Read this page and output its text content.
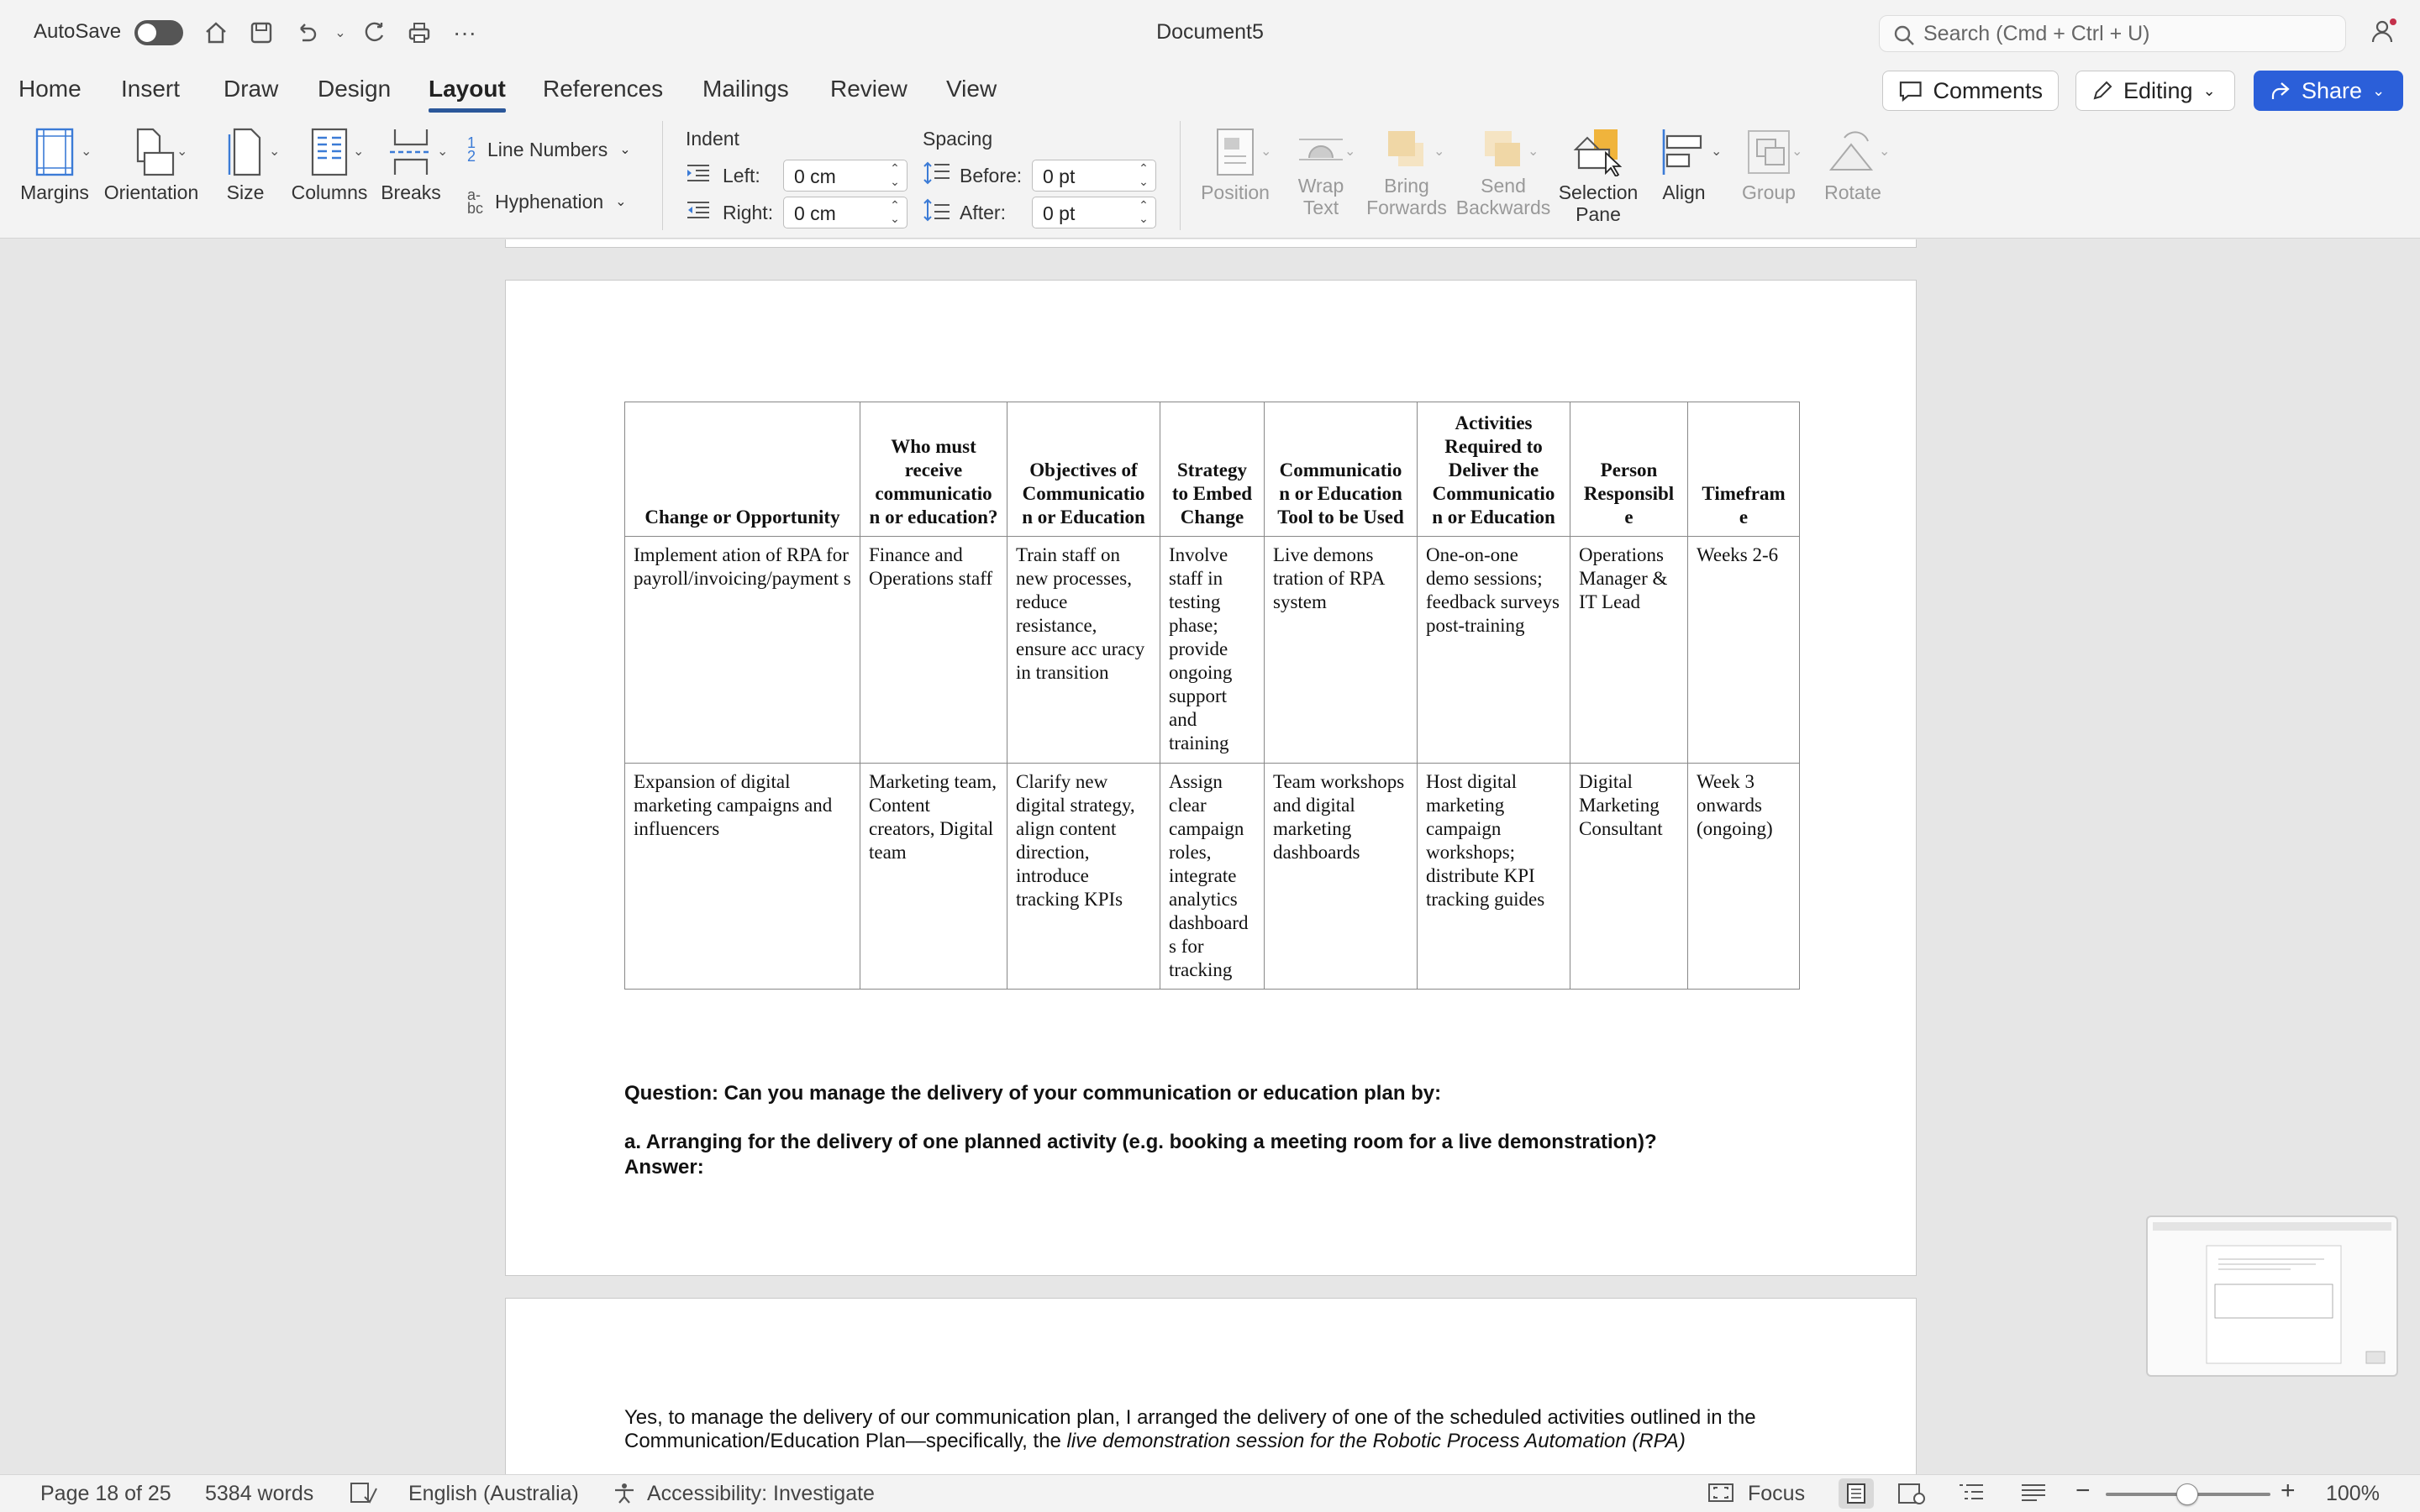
AutoSave	⌄	···	Document5	Search (Cmd + Ctrl + U)
Home Insert Draw Design Layout References Mailings Review View	Comments	Editing ⌄	Share ⌄
Margins
⌄
Orientation
⌄
Size
⌄
Columns
⌄
Breaks
⌄
1
2 Line Numbers ⌄
a-
bc Hyphenation ⌄
Indent
Left:	0 cm ⌃⌄
Right:	0 cm ⌃⌄
Spacing
Before:	0 pt ⌃⌄
After:	0 pt ⌃⌄
Position
⌄
Wrap
Text
⌄
Bring
Forwards
⌄
Send
Backwards
⌄
Selection
Pane
Align
⌄
Group
⌄
Rotate
⌄
Change or Opportunity	Who must receive communicatio n or education?	Objectives of Communicatio n or Education	Strategy to Embed Change	Communicatio n or Education Tool to be Used	Activities Required to Deliver the Communicatio n or Education	Person Responsibl e	Timefram e
Implement ation of RPA for payroll/invoicing/payment s	Finance and Operations staff	Train staff on new processes, reduce resistance, ensure acc uracy in transition	Involve staff in testing phase; provide ongoing support and training	Live demons tration of RPA system	One-on-one demo sessions; feedback surveys post-training	Operations Manager & IT Lead	Weeks 2-6
Expansion of digital marketing campaigns and influencers	Marketing team, Content creators, Digital team	Clarify new digital strategy, align content direction, introduce tracking KPIs	Assign clear campaign roles, integrate analytics dashboard s for tracking	Team workshops and digital marketing dashboards	Host digital marketing campaign workshops; distribute KPI tracking guides	Digital Marketing Consultant	Week 3 onwards (ongoing)
Question: Can you manage the delivery of your communication or education plan by:
a. Arranging for the delivery of one planned activity (e.g. booking a meeting room for a live demonstration)?
Answer:
Yes, to manage the delivery of our communication plan, I arranged the delivery of one of the scheduled activities outlined in the
Communication/Education Plan—specifically, the live demonstration session for the Robotic Process Automation (RPA)
Page 18 of 25 5384 words	English (Australia)	Accessibility: Investigate	Focus	−	+ 100%
